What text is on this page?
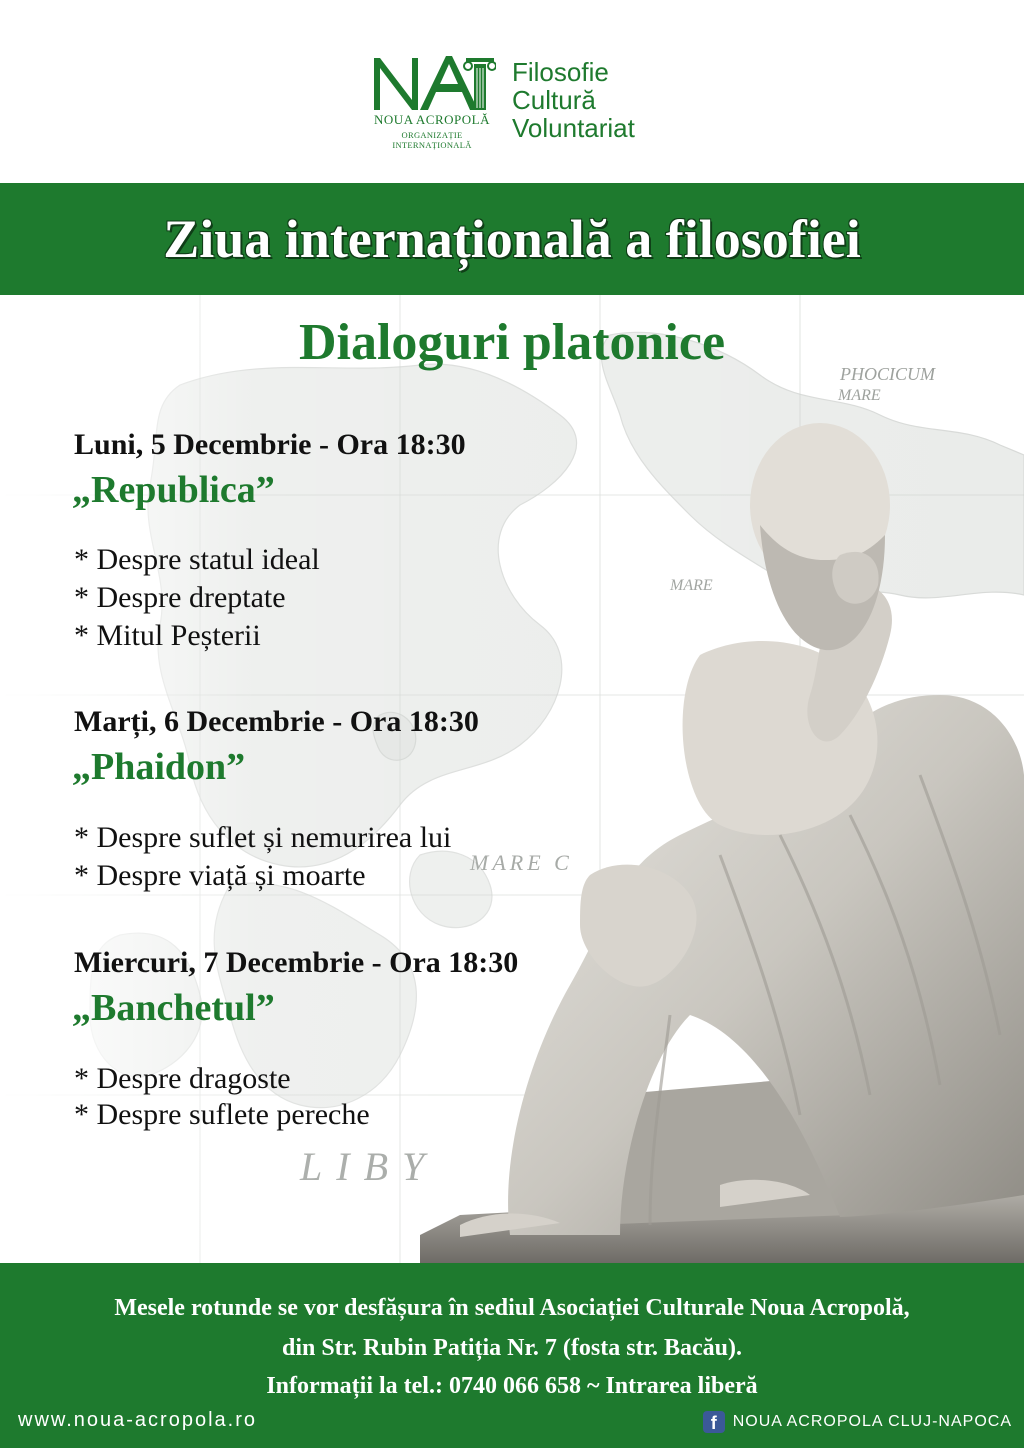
NOUA ACROPOLĂ
ORGANIZAȚIE INTERNAȚIONALĂ
Filosofie
Cultură
Voluntariat
Ziua internațională a filosofiei
Dialoguri platonice
Luni, 5 Decembrie - Ora 18:30
„Republica”
* Despre statul ideal
* Despre dreptate
* Mitul Peșterii
Marți, 6 Decembrie - Ora 18:30
„Phaidon”
* Despre suflet și nemurirea lui
* Despre viață și moarte
Miercuri, 7 Decembrie - Ora 18:30
„Banchetul”
* Despre dragoste
* Despre suflete pereche
Mesele rotunde se vor desfășura în sediul Asociației Culturale Noua Acropolă,
din Str. Rubin Patiția Nr. 7 (fosta str. Bacău).
Informații la tel.: 0740 066 658 ~ Intrarea liberă
www.noua-acropola.ro	f	NOUA ACROPOLA CLUJ-NAPOCA
